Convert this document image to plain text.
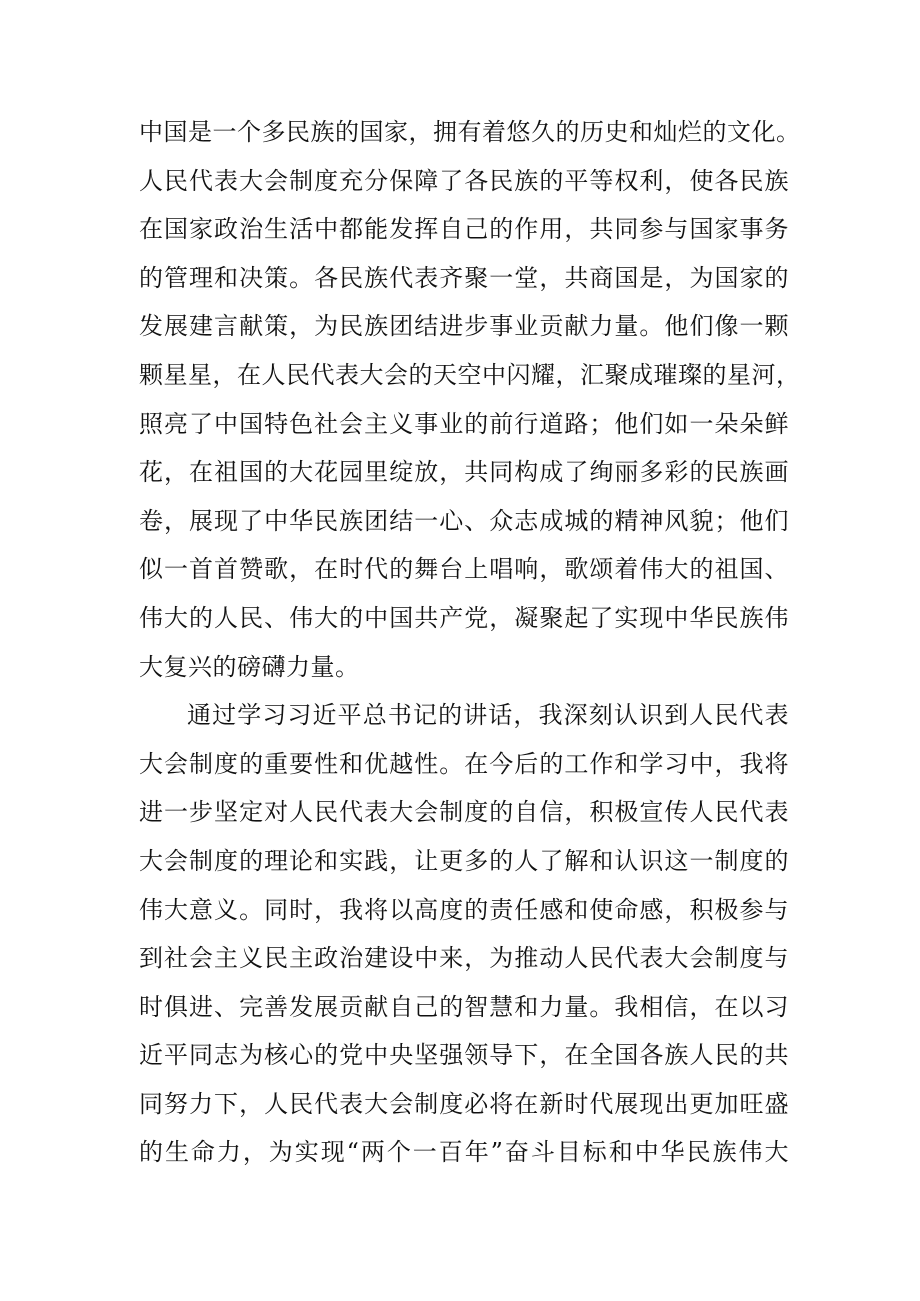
中国是一个多民族的国家，拥有着悠久的历史和灿烂的文化。
人民代表大会制度充分保障了各民族的平等权利，使各民族
在国家政治生活中都能发挥自己的作用，共同参与国家事务
的管理和决策。各民族代表齐聚一堂，共商国是，为国家的
发展建言献策，为民族团结进步事业贡献力量。他们像一颗
颗星星，在人民代表大会的天空中闪耀，汇聚成璀璨的星河，
照亮了中国特色社会主义事业的前行道路；他们如一朵朵鲜
花，在祖国的大花园里绽放，共同构成了绚丽多彩的民族画
卷，展现了中华民族团结一心、众志成城的精神风貌；他们
似一首首赞歌，在时代的舞台上唱响，歌颂着伟大的祖国、
伟大的人民、伟大的中国共产党，凝聚起了实现中华民族伟
大复兴的磅礴力量。
通过学习习近平总书记的讲话，我深刻认识到人民代表
大会制度的重要性和优越性。在今后的工作和学习中，我将
进一步坚定对人民代表大会制度的自信，积极宣传人民代表
大会制度的理论和实践，让更多的人了解和认识这一制度的
伟大意义。同时，我将以高度的责任感和使命感，积极参与
到社会主义民主政治建设中来，为推动人民代表大会制度与
时俱进、完善发展贡献自己的智慧和力量。我相信，在以习
近平同志为核心的党中央坚强领导下，在全国各族人民的共
同努力下，人民代表大会制度必将在新时代展现出更加旺盛
的生命力，为实现“两个一百年”奋斗目标和中华民族伟大
